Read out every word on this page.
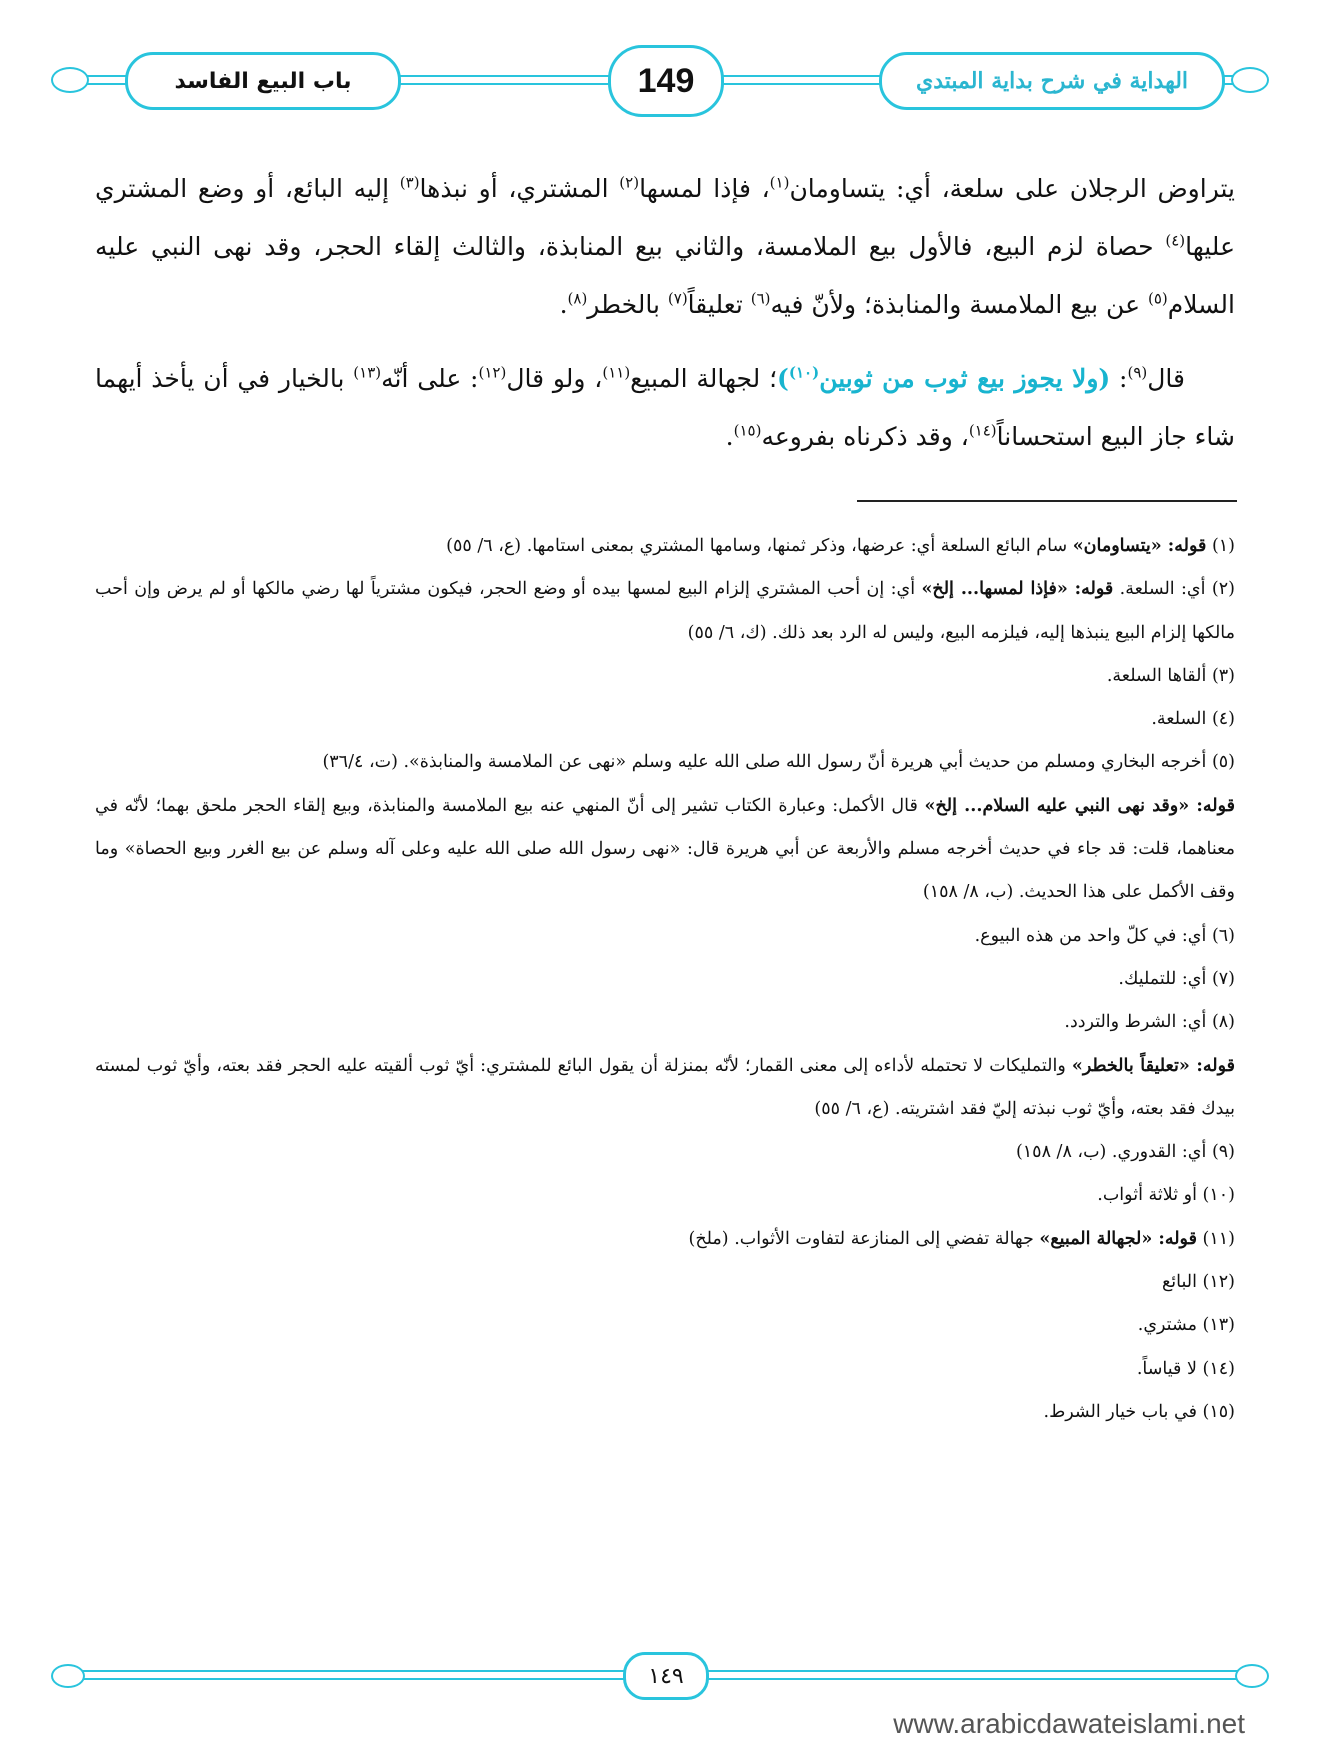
باب البيع الفاسد	149	الهداية في شرح بداية المبتدي

يتراوض الرجلان على سلعة، أي: يتساومان$^{(١)}$، فإذا لمسها$^{(٢)}$ المشتري، أو نبذها$^{(٣)}$ إليه البائع، أو وضع المشتري عليها$^{(٤)}$ حصاة لزم البيع، فالأول بيع الملامسة، والثاني بيع المنابذة، والثالث إلقاء الحجر، وقد نهى النبي عليه السلام$^{(٥)}$ عن بيع الملامسة والمنابذة؛ ولأنّ فيه$^{(٦)}$ تعليقاً$^{(٧)}$ بالخطر$^{(٨)}$.

قال$^{(٩)}$: (ولا يجوز بيع ثوب من ثوبين$^{(١٠)}$)؛ لجهالة المبيع$^{(١١)}$، ولو قال$^{(١٢)}$: على أنّه$^{(١٣)}$ بالخيار في أن يأخذ أيهما شاء جاز البيع استحساناً$^{(١٤)}$، وقد ذكرناه بفروعه$^{(١٥)}$.

(١) قوله: «يتساومان» سام البائع السلعة أي: عرضها، وذكر ثمنها، وسامها المشتري بمعنى استامها. (ع، ٦/ ٥٥)

(٢) أي: السلعة. قوله: «فإذا لمسها... إلخ» أي: إن أحب المشتري إلزام البيع لمسها بيده أو وضع الحجر، فيكون مشترياً لها رضي مالكها أو لم يرض وإن أحب مالكها إلزام البيع ينبذها إليه، فيلزمه البيع، وليس له الرد بعد ذلك. (ك، ٦/ ٥٥)

(٣) ألقاها السلعة.

(٤) السلعة.

(٥) أخرجه البخاري ومسلم من حديث أبي هريرة أنّ رسول الله صلى الله عليه وسلم «نهى عن الملامسة والمنابذة». (ت، ٣٦/٤)

قوله: «وقد نهى النبي عليه السلام... إلخ» قال الأكمل: وعبارة الكتاب تشير إلى أنّ المنهي عنه بيع الملامسة والمنابذة، وبيع إلقاء الحجر ملحق بهما؛ لأنّه في معناهما، قلت: قد جاء في حديث أخرجه مسلم والأربعة عن أبي هريرة قال: «نهى رسول الله صلى الله عليه وعلى آله وسلم عن بيع الغرر وبيع الحصاة» وما وقف الأكمل على هذا الحديث. (ب، ٨/ ١٥٨)

(٦) أي: في كلّ واحد من هذه البيوع.

(٧) أي: للتمليك.

(٨) أي: الشرط والتردد.

قوله: «تعليقاً بالخطر» والتمليكات لا تحتمله لأداءه إلى معنى القمار؛ لأنّه بمنزلة أن يقول البائع للمشتري: أيّ ثوب ألقيته عليه الحجر فقد بعته، وأيّ ثوب لمسته بيدك فقد بعته، وأيّ ثوب نبذته إليّ فقد اشتريته. (ع، ٦/ ٥٥)

(٩) أي: القدوري. (ب، ٨/ ١٥٨)

(١٠) أو ثلاثة أثواب.

(١١) قوله: «لجهالة المبيع» جهالة تفضي إلى المنازعة لتفاوت الأثواب. (ملخ)

(١٢) البائع

(١٣) مشتري.

(١٤) لا قياساً.

(١٥) في باب خيار الشرط.

١٤٩
www.arabicdawateislami.net
